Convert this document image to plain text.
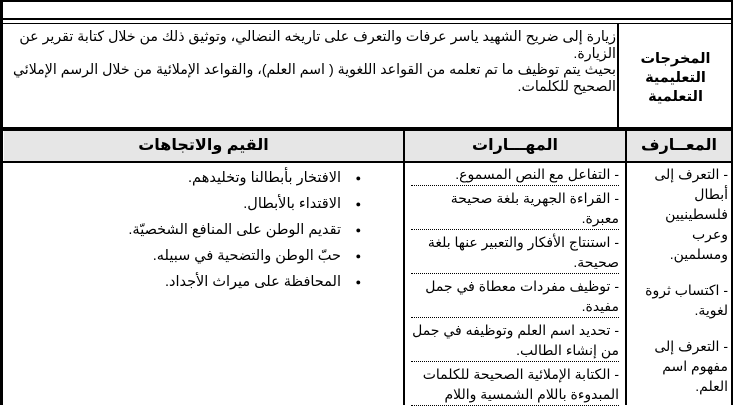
زيارة إلى ضريح الشهيد ياسر عرفات والتعرف على تاريخه النضالي، وتوثيق ذلك من خلال كتابة تقرير عن الزيارة.

بحيث يتم توظيف ما تم تعلمه من القواعد اللغوية ( اسم العلم)، والقواعد الإملائية من خلال الرسم الإملائي الصحيح للكلمات.

المخرجات
التعليمية التعلمية
القيم والاتجاهات	المهـــارات	المعــارف
● الافتخار بأبطالنا وتخليدهم.
● الاقتداء بالأبطال.
● تقديم الوطن على المنافع الشخصيّة.
● حبّ الوطن والتضحية في سبيله.
● المحافظة على ميراث الأجداد.
- التفاعل مع النص المسموع.
- القراءة الجهرية بلغة صحيحة معبرة.
- استنتاج الأفكار والتعبير عنها بلغة صحيحة.
- توظيف مفردات معطاة في جمل مفيدة.
- تحديد اسم العلم وتوظيفه في جمل من إنشاء الطالب.
- الكتابة الإملائية الصحيحة للكلمات المبدوءة باللام الشمسية واللام
- التعرف إلى أبطال فلسطينيين وعرب ومسلمين.
- اكتساب ثروة لغوية.
- التعرف إلى مفهوم اسم العلم.
